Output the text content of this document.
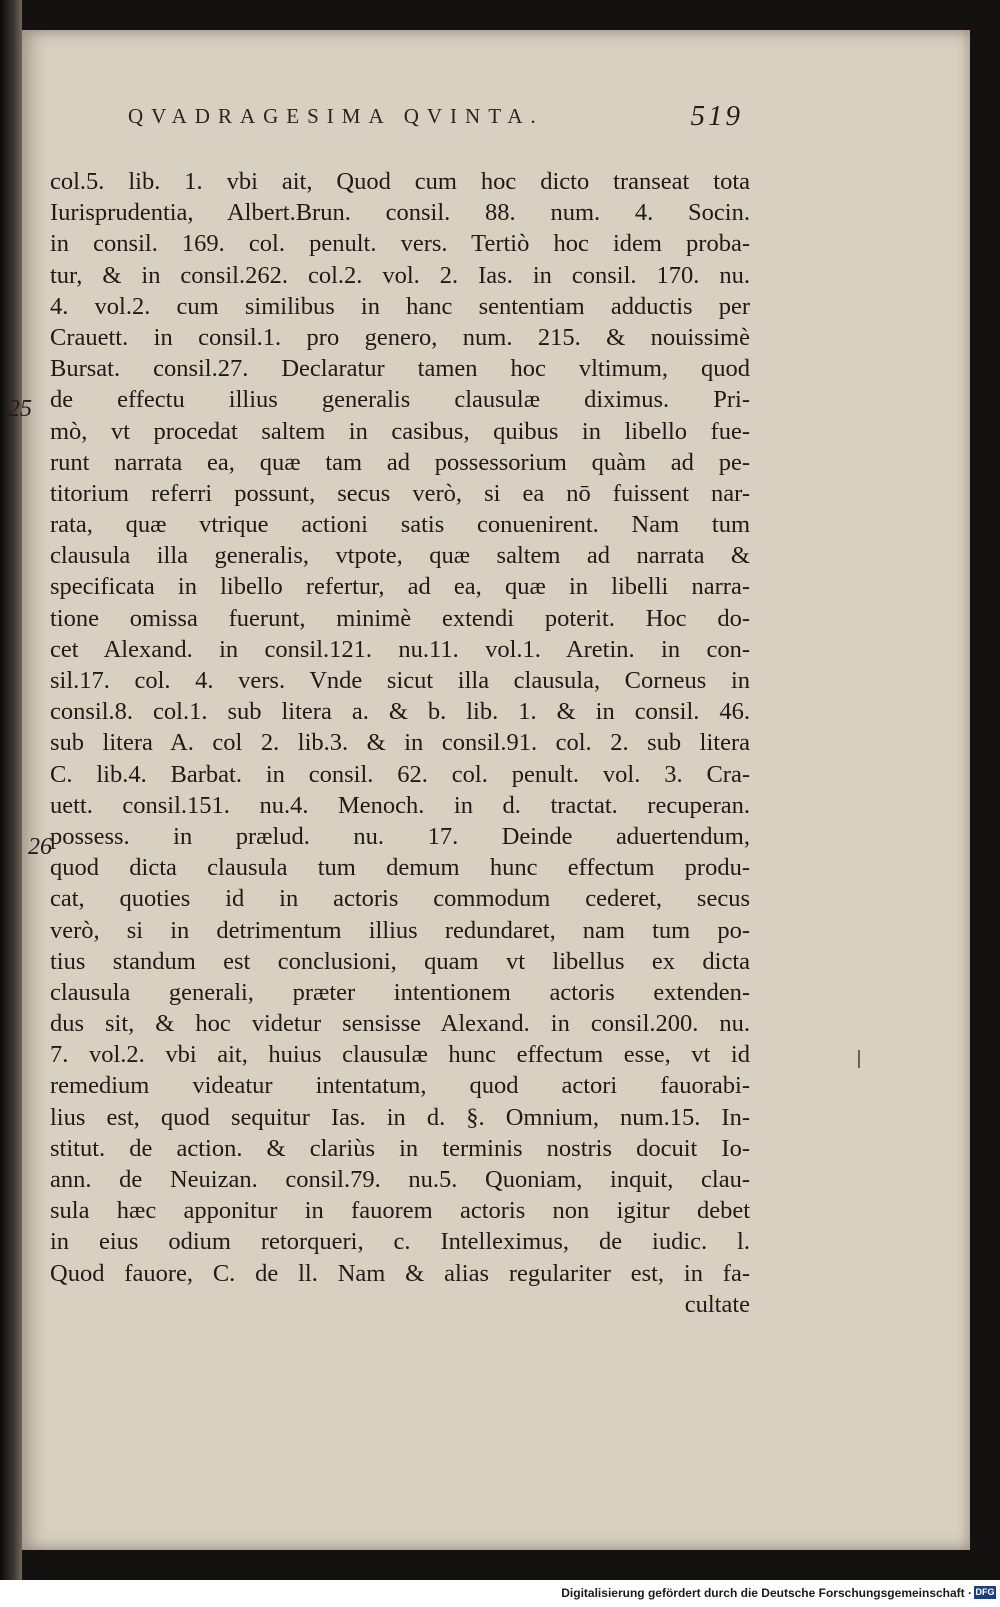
QVADRAGESIMA QVINTA.	519
25
26
col.5. lib. 1. vbi ait, Quod cum hoc dicto transeat tota
Iurisprudentia, Albert.Brun. consil. 88. num. 4. Socin.
in consil. 169. col. penult. vers. Tertiò hoc idem proba-
tur, & in consil.262. col.2. vol. 2. Ias. in consil. 170. nu.
4. vol.2. cum similibus in hanc sententiam adductis per
Crauett. in consil.1. pro genero, num. 215. & nouissimè
Bursat. consil.27. Declaratur tamen hoc vltimum, quod
de effectu illius generalis clausulæ diximus. Pri-
mò, vt procedat saltem in casibus, quibus in libello fue-
runt narrata ea, quæ tam ad possessorium quàm ad pe-
titorium referri possunt, secus verò, si ea nō fuissent nar-
rata, quæ vtrique actioni satis conuenirent. Nam tum
clausula illa generalis, vtpote, quæ saltem ad narrata &
specificata in libello refertur, ad ea, quæ in libelli narra-
tione omissa fuerunt, minimè extendi poterit. Hoc do-
cet Alexand. in consil.121. nu.11. vol.1. Aretin. in con-
sil.17. col. 4. vers. Vnde sicut illa clausula, Corneus in
consil.8. col.1. sub litera a. & b. lib. 1. & in consil. 46.
sub litera A. col 2. lib.3. & in consil.91. col. 2. sub litera
C. lib.4. Barbat. in consil. 62. col. penult. vol. 3. Cra-
uett. consil.151. nu.4. Menoch. in d. tractat. recuperan.
possess. in prælud. nu. 17. Deinde aduertendum,
quod dicta clausula tum demum hunc effectum produ-
cat, quoties id in actoris commodum cederet, secus
verò, si in detrimentum illius redundaret, nam tum po-
tius standum est conclusioni, quam vt libellus ex dicta
clausula generali, præter intentionem actoris extenden-
dus sit, & hoc videtur sensisse Alexand. in consil.200. nu.
7. vol.2. vbi ait, huius clausulæ hunc effectum esse, vt id
remedium videatur intentatum, quod actori fauorabi-
lius est, quod sequitur Ias. in d. §. Omnium, num.15. In-
stitut. de action. & clariùs in terminis nostris docuit Io-
ann. de Neuizan. consil.79. nu.5. Quoniam, inquit, clau-
sula hæc apponitur in fauorem actoris non igitur debet
in eius odium retorqueri, c. Intelleximus, de iudic. l.
Quod fauore, C. de ll. Nam & alias regulariter est, in fa-
cultate
Digitalisierung gefördert durch die Deutsche Forschungsgemeinschaft · DFG
